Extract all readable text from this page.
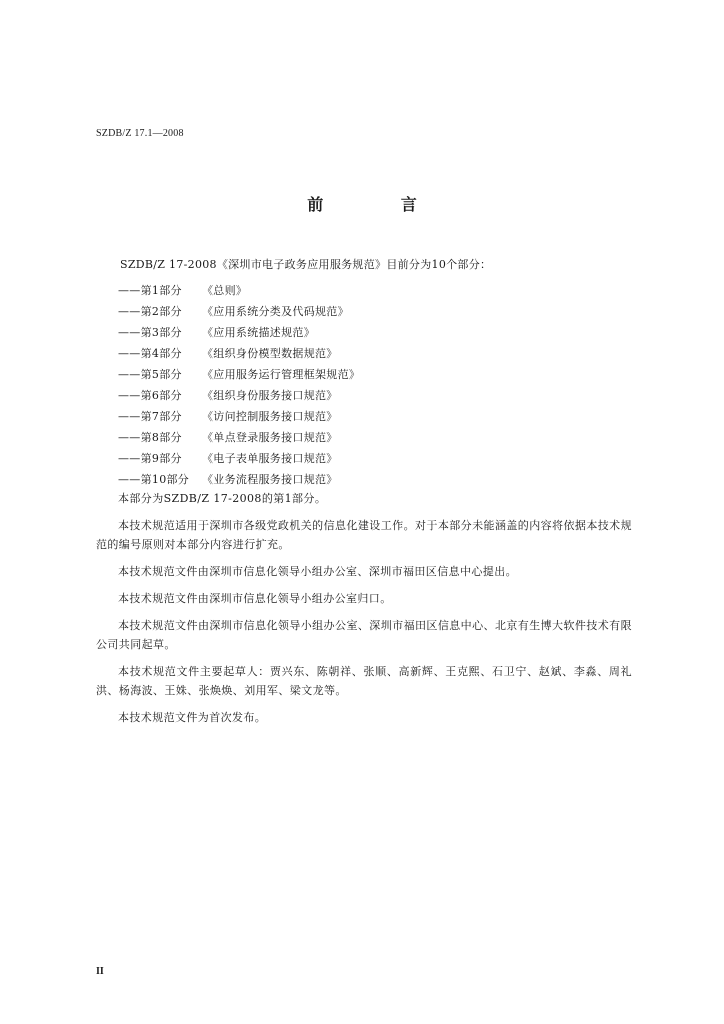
SZDB/Z 17.1—2008
前 言
SZDB/Z 17-2008《深圳市电子政务应用服务规范》目前分为10个部分：
——第1部分 《总则》
——第2部分 《应用系统分类及代码规范》
——第3部分 《应用系统描述规范》
——第4部分 《组织身份模型数据规范》
——第5部分 《应用服务运行管理框架规范》
——第6部分 《组织身份服务接口规范》
——第7部分 《访问控制服务接口规范》
——第8部分 《单点登录服务接口规范》
——第9部分 《电子表单服务接口规范》
——第10部分 《业务流程服务接口规范》

本部分为SZDB/Z 17-2008的第1部分。

本技术规范适用于深圳市各级党政机关的信息化建设工作。对于本部分未能涵盖的内容将依据本技术规范的编号原则对本部分内容进行扩充。

本技术规范文件由深圳市信息化领导小组办公室、深圳市福田区信息中心提出。

本技术规范文件由深圳市信息化领导小组办公室归口。

本技术规范文件由深圳市信息化领导小组办公室、深圳市福田区信息中心、北京有生博大软件技术有限公司共同起草。

本技术规范文件主要起草人：贾兴东、陈朝祥、张顺、高新辉、王克熙、石卫宁、赵斌、李淼、周礼洪、杨海波、王姝、张焕焕、刘用军、梁文龙等。

本技术规范文件为首次发布。

II
